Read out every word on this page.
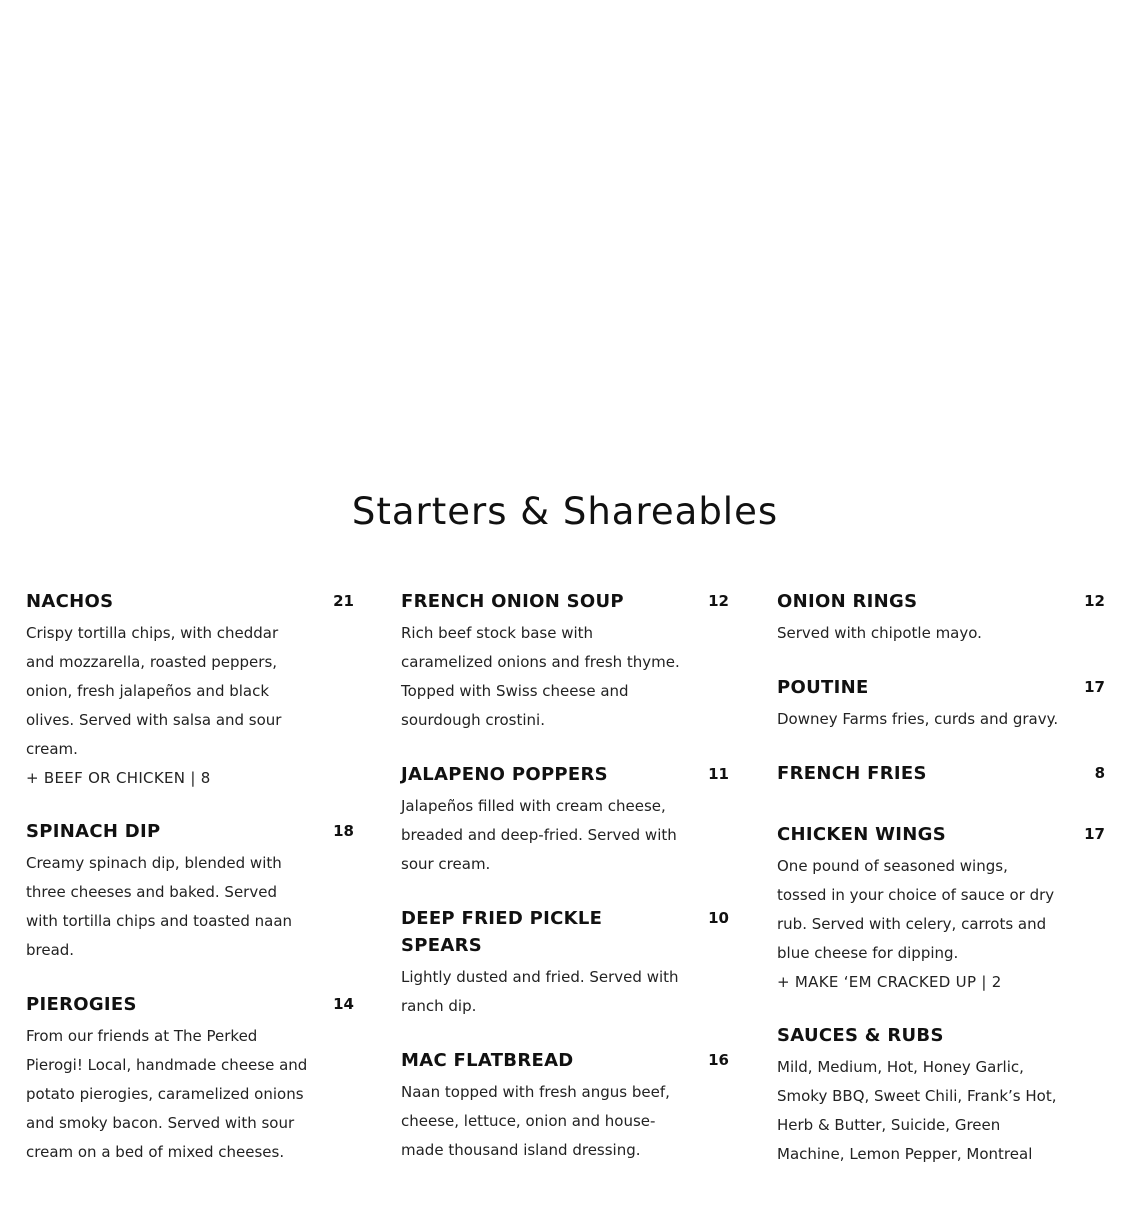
Starters & Shareables
NACHOS	21

Crispy tortilla chips, with cheddar and mozzarella, roasted peppers, onion, fresh jalapeños and black olives. Served with salsa and sour cream.

+ BEEF OR CHICKEN | 8

SPINACH DIP	18

Creamy spinach dip, blended with three cheeses and baked. Served with tortilla chips and toasted naan bread.

PIEROGIES	14

From our friends at The Perked Pierogi! Local, handmade cheese and potato pierogies, caramelized onions and smoky bacon. Served with sour cream on a bed of mixed cheeses.

FRENCH ONION SOUP	12

Rich beef stock base with caramelized onions and fresh thyme. Topped with Swiss cheese and sourdough crostini.

JALAPENO POPPERS	11

Jalapeños filled with cream cheese, breaded and deep-fried. Served with sour cream.

DEEP FRIED PICKLE SPEARS
10

Lightly dusted and fried. Served with ranch dip.

MAC FLATBREAD	16

Naan topped with fresh angus beef, cheese, lettuce, onion and house-made thousand island dressing.

ONION RINGS	12

Served with chipotle mayo.

POUTINE	17

Downey Farms fries, curds and gravy.

FRENCH FRIES	8
CHICKEN WINGS	17

One pound of seasoned wings, tossed in your choice of sauce or dry rub. Served with celery, carrots and blue cheese for dipping.

+ MAKE ‘EM CRACKED UP | 2

SAUCES & RUBS

Mild, Medium, Hot, Honey Garlic, Smoky BBQ, Sweet Chili, Frank’s Hot, Herb & Butter, Suicide, Green Machine, Lemon Pepper, Montreal
